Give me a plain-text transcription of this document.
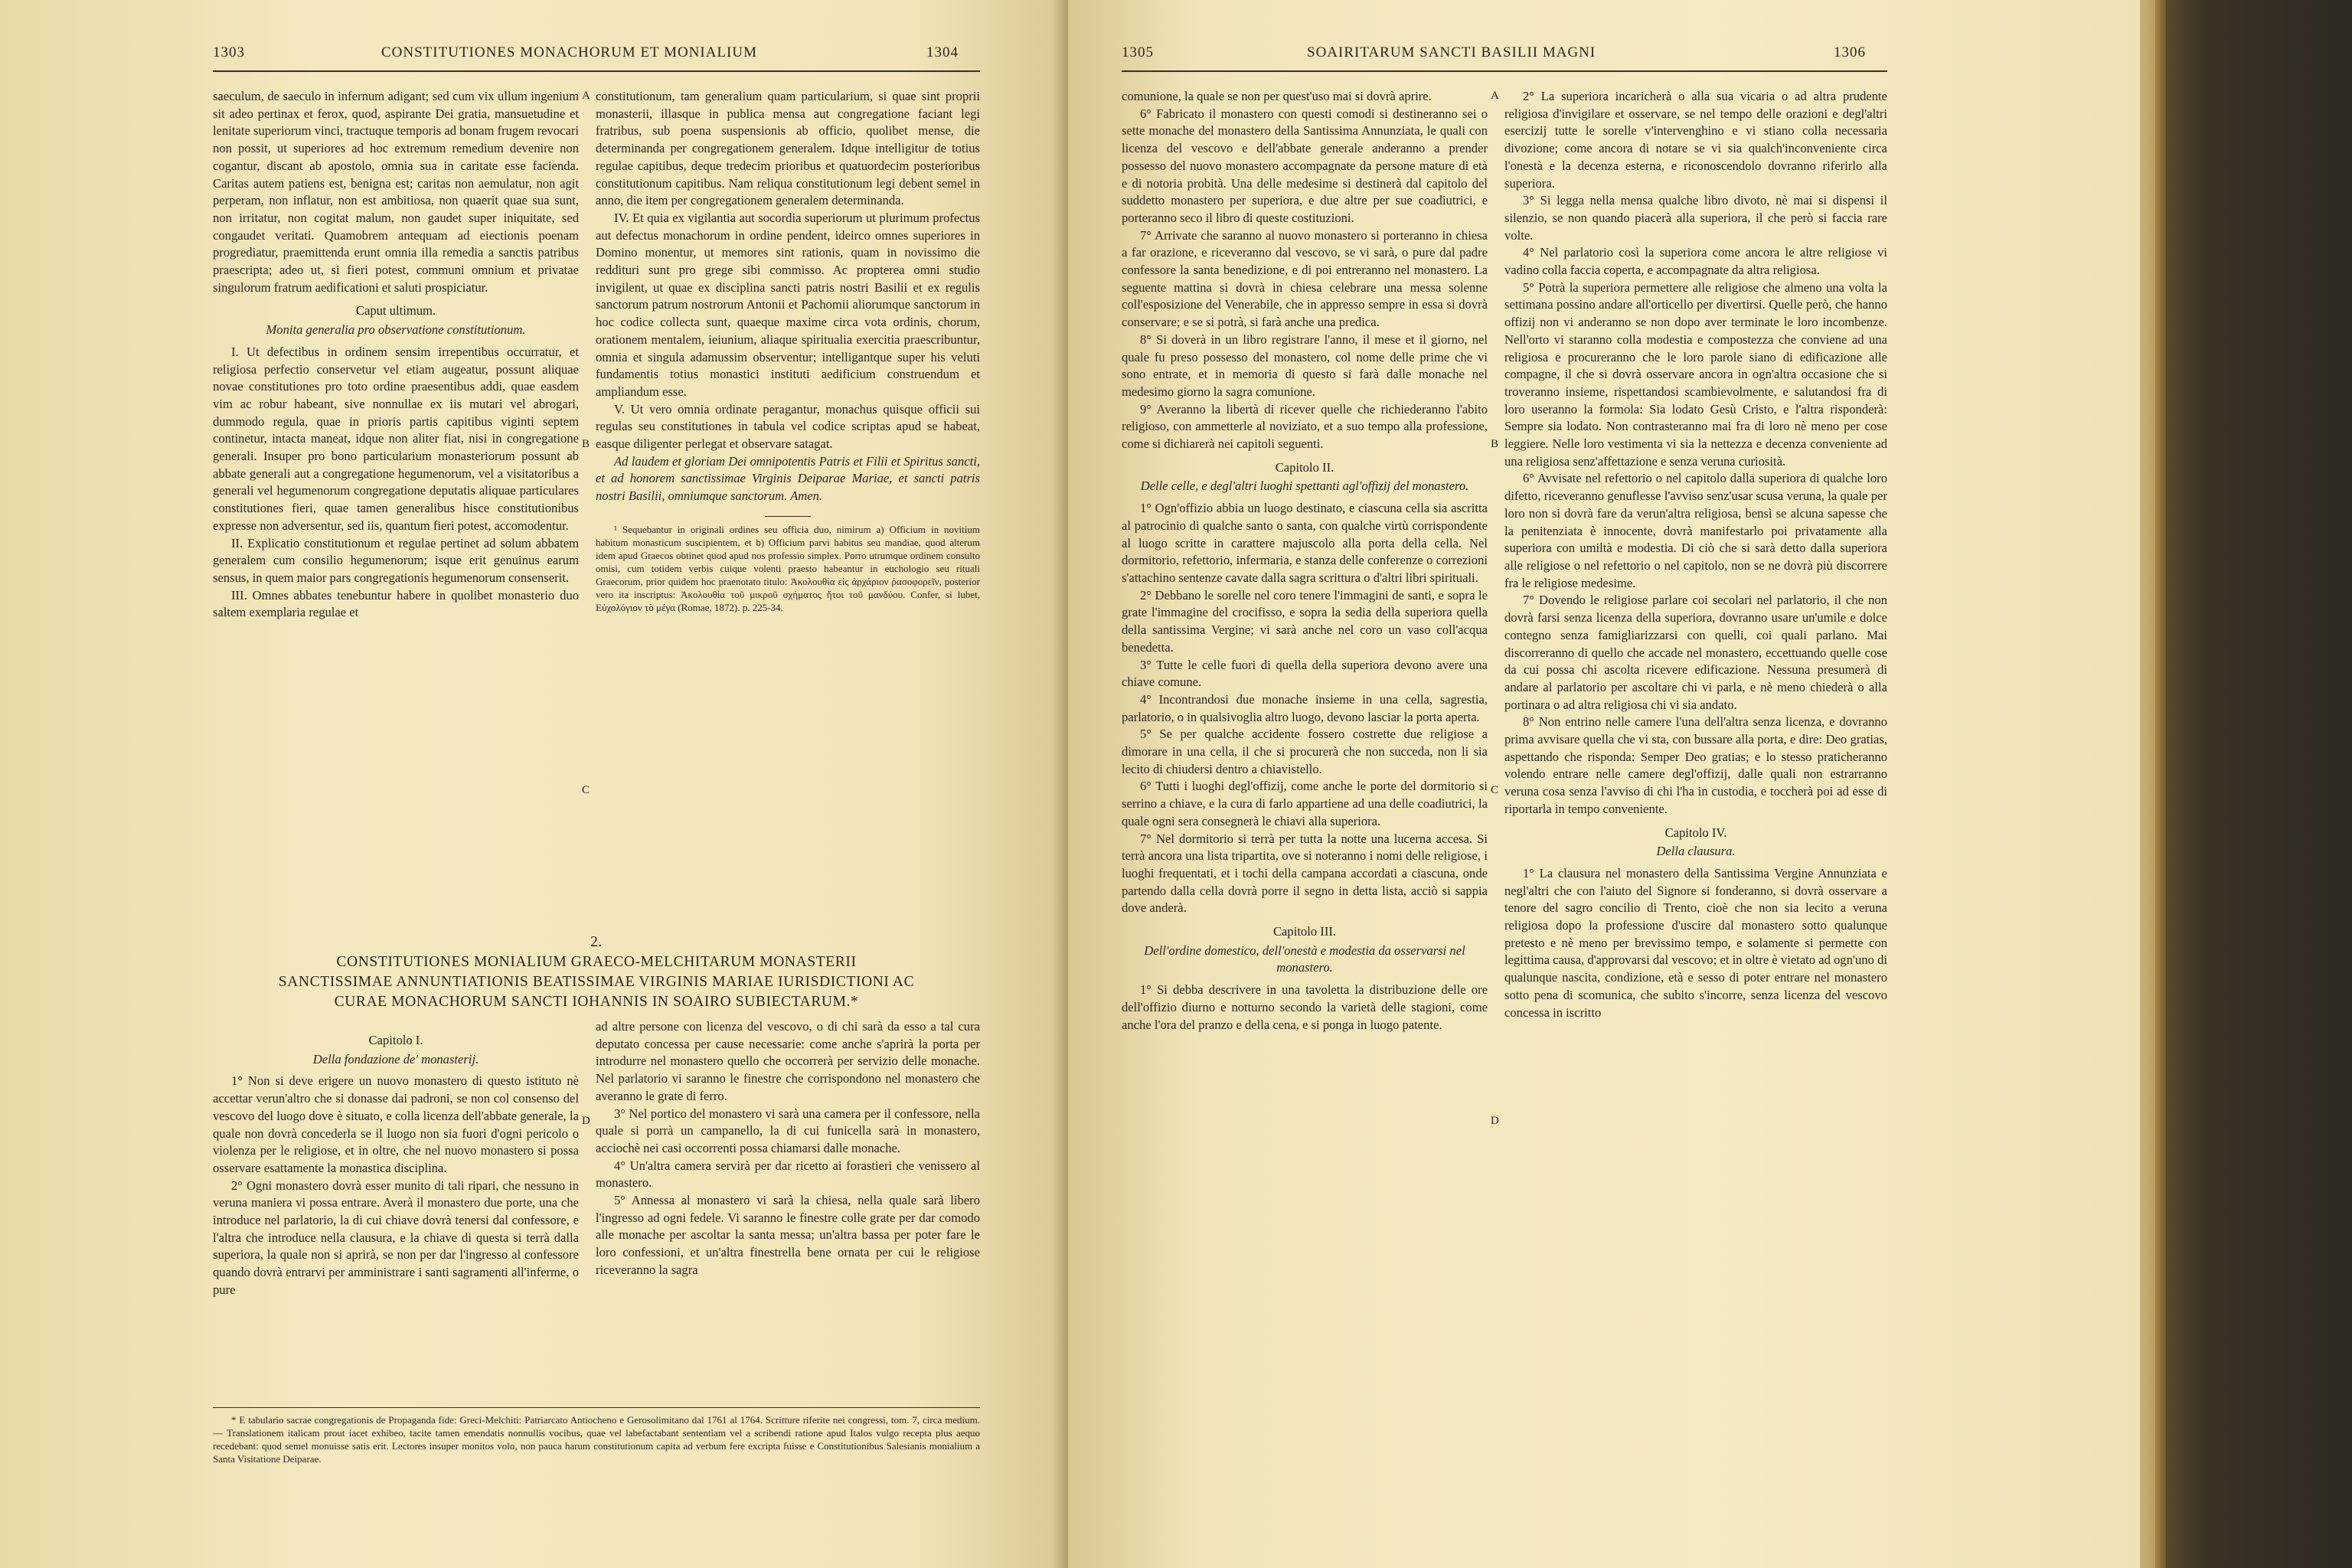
1303	CONSTITUTIONES MONACHORUM ET MONIALIUM	1304

saeculum, de saeculo in infernum adigant; sed cum vix ullum ingenium sit adeo pertinax et ferox, quod, aspirante Dei gratia, mansuetudine et lenitate superiorum vinci, tractuque temporis ad bonam frugem revocari non possit, ut superiores ad hoc extremum remedium devenire non cogantur, discant ab apostolo, omnia sua in caritate esse facienda. Caritas autem patiens est, benigna est; caritas non aemulatur, non agit perperam, non inflatur, non est ambitiosa, non quaerit quae sua sunt, non irritatur, non cogitat malum, non gaudet super iniquitate, sed congaudet veritati. Quamobrem antequam ad eiectionis poenam progrediatur, praemittenda erunt omnia illa remedia a sanctis patribus praescripta; adeo ut, si fieri potest, communi omnium et privatae singulorum fratrum aedificationi et saluti prospiciatur.

Caput ultimum.

Monita generalia pro observatione constitutionum.

I. Ut defectibus in ordinem sensim irrepentibus occurratur, et religiosa perfectio conservetur vel etiam augeatur, possunt aliquae novae constitutiones pro toto ordine praesentibus addi, quae easdem vim ac robur habeant, sive nonnullae ex iis mutari vel abrogari, dummodo regula, quae in prioris partis capitibus viginti septem continetur, intacta maneat, idque non aliter fiat, nisi in congregatione generali. Insuper pro bono particularium monasteriorum possunt ab abbate generali aut a congregatione hegumenorum, vel a visitatoribus a generali vel hegumenorum congregatione deputatis aliquae particulares constitutiones fieri, quae tamen generalibus hisce constitutionibus expresse non adversentur, sed iis, quantum fieri potest, accomodentur.

II. Explicatio constitutionum et regulae pertinet ad solum abbatem generalem cum consilio hegumenorum; isque erit genuinus earum sensus, in quem maior pars congregationis hegumenorum consenserit.

III. Omnes abbates tenebuntur habere in quolibet monasterio duo saltem exemplaria regulae et

A
B
C
D

constitutionum, tam generalium quam particularium, si quae sint proprii monasterii, illasque in publica mensa aut congregatione faciant legi fratribus, sub poena suspensionis ab officio, quolibet mense, die determinanda per congregationem generalem. Idque intelligitur de totius regulae capitibus, deque tredecim prioribus et quatuordecim posterioribus constitutionum capitibus. Nam reliqua constitutionum legi debent semel in anno, die item per congregationem generalem determinanda.

IV. Et quia ex vigilantia aut socordia superiorum ut plurimum profectus aut defectus monachorum in ordine pendent, ideirco omnes superiores in Domino monentur, ut memores sint rationis, quam in novissimo die reddituri sunt pro grege sibi commisso. Ac propterea omni studio invigilent, ut quae ex disciplina sancti patris nostri Basilii et ex regulis sanctorum patrum nostrorum Antonii et Pachomii aliorumque sanctorum in hoc codice collecta sunt, quaeque maxime circa vota ordinis, chorum, orationem mentalem, ieiunium, aliaque spiritualia exercitia praescribuntur, omnia et singula adamussim observentur; intelligantque super his veluti fundamentis totius monastici instituti aedificium construendum et ampliandum esse.

V. Ut vero omnia ordinate peragantur, monachus quisque officii sui regulas seu constitutiones in tabula vel codice scriptas apud se habeat, easque diligenter perlegat et observare satagat.

Ad laudem et gloriam Dei omnipotentis Patris et Filii et Spiritus sancti, et ad honorem sanctissimae Virginis Deiparae Mariae, et sancti patris nostri Basilii, omniumque sanctorum. Amen.

¹ Sequebantur in originali ordines seu officia duo, nimirum a) Officium in novitium habitum monasticum suscipientem, et b) Officium parvi habitus seu mandiae, quod alterum idem apud Graecos obtinet quod apud nos professio simplex. Porro utrumque ordinem consulto omisi, cum totidem verbis cuique volenti praesto habeantur in euchologio seu rituali Graecorum, prior quidem hoc praenotato titulo: Ἀκολουθία εἰς ἀρχάριον ῥασοφορεῖν, posterior vero ita inscriptus: Ἀκολουθία τοῦ μικροῦ σχήματος ἤτοι τοῦ μανδύου. Confer, si lubet, Εὐχολόγιον τὸ μέγα (Romae, 1872). p. 225-34.

2.
CONSTITUTIONES MONIALIUM GRAECO-MELCHITARUM MONASTERII
SANCTISSIMAE ANNUNTIATIONIS BEATISSIMAE VIRGINIS MARIAE IURISDICTIONI AC
CURAE MONACHORUM SANCTI IOHANNIS IN SOAIRO SUBIECTARUM.*

Capitolo I.

Della fondazione de' monasterij.

1° Non si deve erigere un nuovo monastero di questo istituto nè accettar verun'altro che si donasse dai padroni, se non col consenso del vescovo del luogo dove è situato, e colla licenza dell'abbate generale, la quale non dovrà concederla se il luogo non sia fuori d'ogni pericolo o violenza per le religiose, et in oltre, che nel nuovo monastero si possa osservare esattamente la monastica disciplina.

2° Ogni monastero dovrà esser munito di tali ripari, che nessuno in veruna maniera vi possa entrare. Averà il monastero due porte, una che introduce nel parlatorio, la di cui chiave dovrà tenersi dal confessore, e l'altra che introduce nella clausura, e la chiave di questa si terrà dalla superiora, la quale non si aprirà, se non per dar l'ingresso al confessore quando dovrà entrarvi per amministrare i santi sagramenti all'inferme, o pure

ad altre persone con licenza del vescovo, o di chi sarà da esso a tal cura deputato concessa per cause necessarie: come anche s'aprirà la porta per introdurre nel monastero quello che occorrerà per servizio delle monache. Nel parlatorio vi saranno le finestre che corrispondono nel monastero che averanno le grate di ferro.

3° Nel portico del monastero vi sarà una camera per il confessore, nella quale si porrà un campanello, la di cui funicella sarà in monastero, acciochè nei casi occorrenti possa chiamarsi dalle monache.

4° Un'altra camera servirà per dar ricetto ai forastieri che venissero al monastero.

5° Annessa al monastero vi sarà la chiesa, nella quale sarà libero l'ingresso ad ogni fedele. Vi saranno le finestre colle grate per dar comodo alle monache per ascoltar la santa messa; un'altra bassa per poter fare le loro confessioni, et un'altra finestrella bene ornata per cui le religiose riceveranno la sagra

* E tabulario sacrae congregationis de Propaganda fide: Greci-Melchiti: Patriarcato Antiocheno e Gerosolimitano dal 1761 al 1764. Scritture riferite nei congressi, tom. 7, circa medium. — Translationem italicam prout iacet exhibeo, tacite tamen emendatis nonnullis vocibus, quae vel labefactabant sententiam vel a scribendi ratione apud Italos vulgo recepta plus aequo recedebant: quod semel monuisse satis erit. Lectores insuper monitos volo, non pauca harum constitutionum capita ad verbum fere excripta fuisse e Constitutionibus Salesianis monialium a Santa Visitatione Deiparae.

1305	SOAIRITARUM SANCTI BASILII MAGNI	1306

comunione, la quale se non per quest'uso mai si dovrà aprire.

6° Fabricato il monastero con questi comodi si destineranno sei o sette monache del monastero della Santissima Annunziata, le quali con licenza del vescovo e dell'abbate generale anderanno a prender possesso del nuovo monastero accompagnate da persone mature di età e di notoria probità. Una delle medesime si destinerà dal capitolo del suddetto monastero per superiora, e due altre per sue coadiutrici, e porteranno seco il libro di queste costituzioni.

7° Arrivate che saranno al nuovo monastero si porteranno in chiesa a far orazione, e riceveranno dal vescovo, se vi sarà, o pure dal padre confessore la santa benedizione, e di poi entreranno nel monastero. La seguente mattina si dovrà in chiesa celebrare una messa solenne coll'esposizione del Venerabile, che in appresso sempre in essa si dovrà conservare; e se si potrà, si farà anche una predica.

8° Si doverà in un libro registrare l'anno, il mese et il giorno, nel quale fu preso possesso del monastero, col nome delle prime che vi sono entrate, et in memoria di questo si farà dalle monache nel medesimo giorno la sagra comunione.

9° Averanno la libertà di ricever quelle che richiederanno l'abito religioso, con ammetterle al noviziato, et a suo tempo alla professione, come si dichiarerà nei capitoli seguenti.

Capitolo II.

Delle celle, e degl'altri luoghi spettanti agl'offizij del monastero.

1° Ogn'offizio abbia un luogo destinato, e ciascuna cella sia ascritta al patrocinio di qualche santo o santa, con qualche virtù corrispondente al luogo scritte in carattere majuscolo alla porta della cella. Nel dormitorio, refettorio, infermaria, e stanza delle conferenze o correzioni s'attachino sentenze cavate dalla sagra scrittura o d'altri libri spirituali.

2° Debbano le sorelle nel coro tenere l'immagini de santi, e sopra le grate l'immagine del crocifisso, e sopra la sedia della superiora quella della santissima Vergine; vi sarà anche nel coro un vaso coll'acqua benedetta.

3° Tutte le celle fuori di quella della superiora devono avere una chiave comune.

4° Incontrandosi due monache insieme in una cella, sagrestia, parlatorio, o in qualsivoglia altro luogo, devono lasciar la porta aperta.

5° Se per qualche accidente fossero costrette due religiose a dimorare in una cella, il che si procurerà che non succeda, non li sia lecito di chiudersi dentro a chiavistello.

6° Tutti i luoghi degl'offizij, come anche le porte del dormitorio si serrino a chiave, e la cura di farlo appartiene ad una delle coadiutrici, la quale ogni sera consegnerà le chiavi alla superiora.

7° Nel dormitorio si terrà per tutta la notte una lucerna accesa. Si terrà ancora una lista tripartita, ove si noteranno i nomi delle religiose, i luoghi frequentati, et i tochi della campana accordati a ciascuna, onde partendo dalla cella dovrà porre il segno in detta lista, acciò si sappia dove anderà.

Capitolo III.

Dell'ordine domestico, dell'onestà e modestia da osservarsi nel monastero.

1° Si debba descrivere in una tavoletta la distribuzione delle ore dell'offizio diurno e notturno secondo la varietà delle stagioni, come anche l'ora del pranzo e della cena, e si ponga in luogo patente.

A
B
C
D

2° La superiora incaricherà o alla sua vicaria o ad altra prudente religiosa d'invigilare et osservare, se nel tempo delle orazioni e degl'altri esercizij tutte le sorelle v'intervenghino e vi stiano colla necessaria divozione; come ancora di notare se vi sia qualch'inconveniente circa l'onestà e la decenza esterna, e riconoscendolo dovranno riferirlo alla superiora.

3° Si legga nella mensa qualche libro divoto, nè mai si dispensi il silenzio, se non quando piacerà alla superiora, il che però si faccia rare volte.

4° Nel parlatorio così la superiora come ancora le altre religiose vi vadino colla faccia coperta, e accompagnate da altra religiosa.

5° Potrà la superiora permettere alle religiose che almeno una volta la settimana possino andare all'orticello per divertirsi. Quelle però, che hanno offizij non vi anderanno se non dopo aver terminate le loro incombenze. Nell'orto vi staranno colla modestia e compostezza che conviene ad una religiosa e procureranno che le loro parole siano di edificazione alle compagne, il che si dovrà osservare ancora in ogn'altra occasione che si troveranno insieme, rispettandosi scambievolmente, e salutandosi fra di loro useranno la formola: Sia lodato Gesù Cristo, e l'altra risponderà: Sempre sia lodato. Non contrasteranno mai fra di loro nè meno per cose leggiere. Nelle loro vestimenta vi sia la nettezza e decenza conveniente ad una religiosa senz'affettazione e senza veruna curiosità.

6° Avvisate nel refettorio o nel capitolo dalla superiora di qualche loro difetto, riceveranno genuflesse l'avviso senz'usar scusa veruna, la quale per loro non si dovrà fare da verun'altra religiosa, bensì se alcuna sapesse che la penitenziata è innocente, dovrà manifestarlo poi privatamente alla superiora con umiltà e modestia. Di ciò che si sarà detto dalla superiora alle religiose o nel refettorio o nel capitolo, non se ne dovrà più discorrere fra le religiose medesime.

7° Dovendo le religiose parlare coi secolari nel parlatorio, il che non dovrà farsi senza licenza della superiora, dovranno usare un'umile e dolce contegno senza famigliarizzarsi con quelli, coi quali parlano. Mai discorreranno di quello che accade nel monastero, eccettuando quelle cose da cui possa chi ascolta ricevere edificazione. Nessuna presumerà di andare al parlatorio per ascoltare chi vi parla, e nè meno chiederà o alla portinara o ad altra religiosa chi vi sia andato.

8° Non entrino nelle camere l'una dell'altra senza licenza, e dovranno prima avvisare quella che vi sta, con bussare alla porta, e dire: Deo gratias, aspettando che risponda: Semper Deo gratias; e lo stesso praticheranno volendo entrare nelle camere degl'offizij, dalle quali non estrarranno veruna cosa senza l'avviso di chi l'ha in custodia, e toccherà poi ad esse di riportarla in tempo conveniente.

Capitolo IV.

Della clausura.

1° La clausura nel monastero della Santissima Vergine Annunziata e negl'altri che con l'aiuto del Signore si fonderanno, si dovrà osservare a tenore del sagro concilio di Trento, cioè che non sia lecito a veruna religiosa dopo la professione d'uscire dal monastero sotto qualunque pretesto e nè meno per brevissimo tempo, e solamente si permette con legittima causa, d'approvarsi dal vescovo; et in oltre è vietato ad ogn'uno di qualunque nascita, condizione, età e sesso di poter entrare nel monastero sotto pena di scomunica, che subito s'incorre, senza licenza del vescovo concessa in iscritto
